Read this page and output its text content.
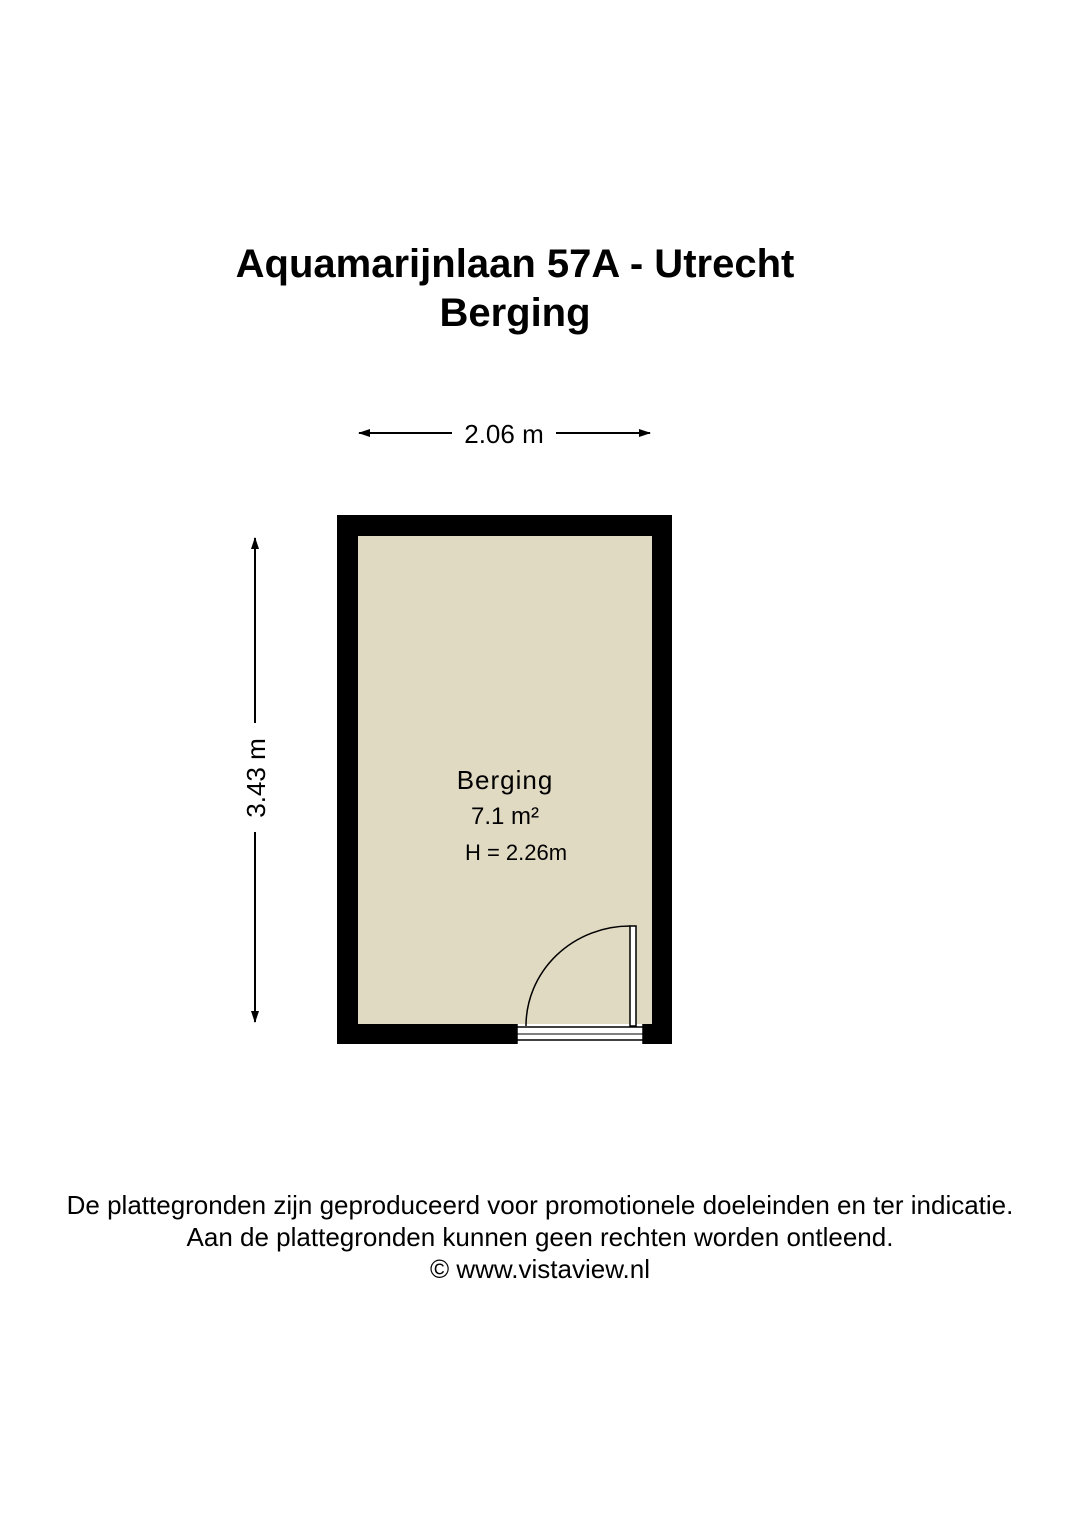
Aquamarijnlaan 57A - Utrecht
Berging
2.06 m
3.43 m	Berging
7.1 m²
H = 2.26m
De plattegronden zijn geproduceerd voor promotionele doeleinden en ter indicatie.
Aan de plattegronden kunnen geen rechten worden ontleend.
© www.vistaview.nl
